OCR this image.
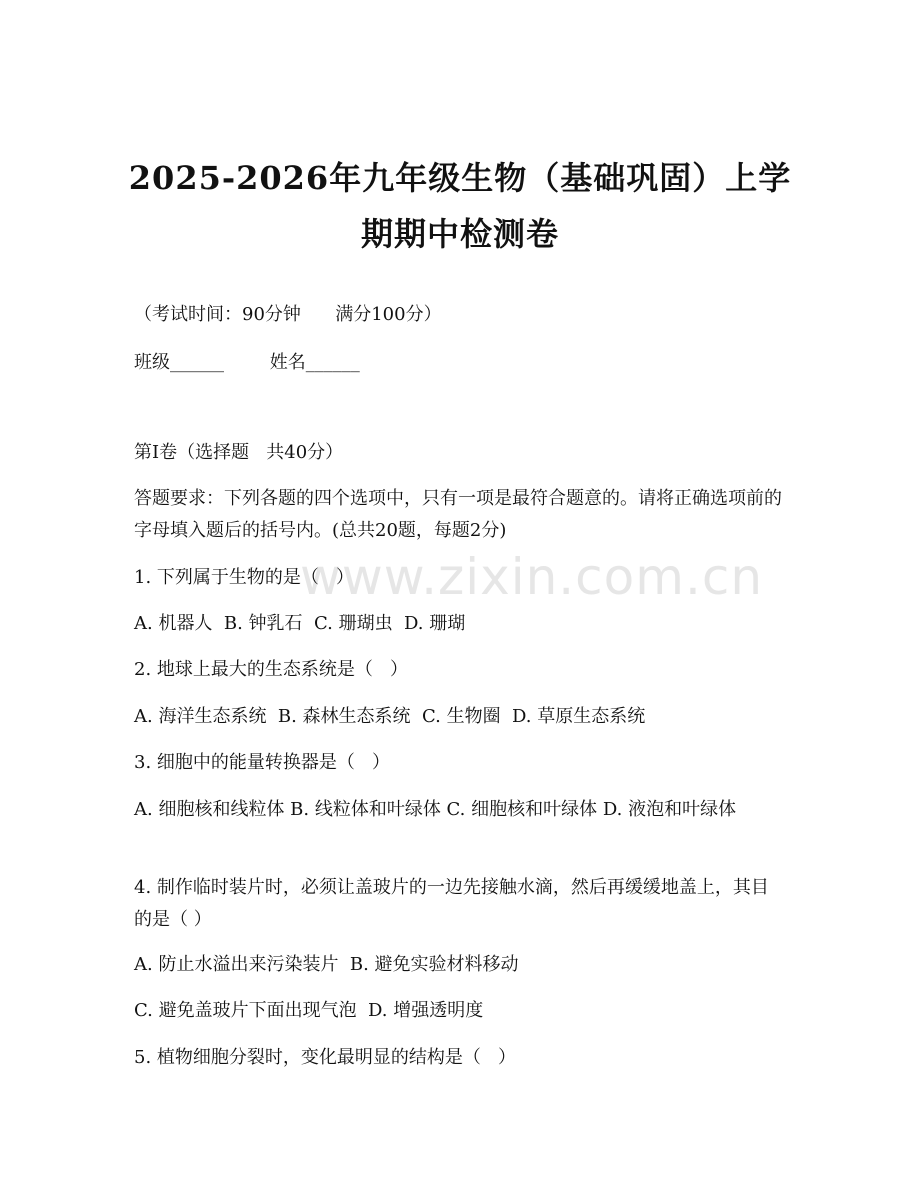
www.zixin.com.cn
2025-2026年九年级生物（基础巩固）上学
期期中检测卷
（考试时间：90分钟      满分100分）
班级______        姓名______
第I卷（选择题   共40分）
答题要求：下列各题的四个选项中，只有一项是最符合题意的。请将正确选项前的字母填入题后的括号内。(总共20题，每题2分)
1. 下列属于生物的是（   ）
A. 机器人  B. 钟乳石  C. 珊瑚虫  D. 珊瑚
2. 地球上最大的生态系统是（   ）
A. 海洋生态系统  B. 森林生态系统  C. 生物圈  D. 草原生态系统
3. 细胞中的能量转换器是（   ）
A. 细胞核和线粒体 B. 线粒体和叶绿体 C. 细胞核和叶绿体 D. 液泡和叶绿体
4. 制作临时装片时，必须让盖玻片的一边先接触水滴，然后再缓缓地盖上，其目的是（ ）
A. 防止水溢出来污染装片  B. 避免实验材料移动
C. 避免盖玻片下面出现气泡  D. 增强透明度
5. 植物细胞分裂时，变化最明显的结构是（   ）
